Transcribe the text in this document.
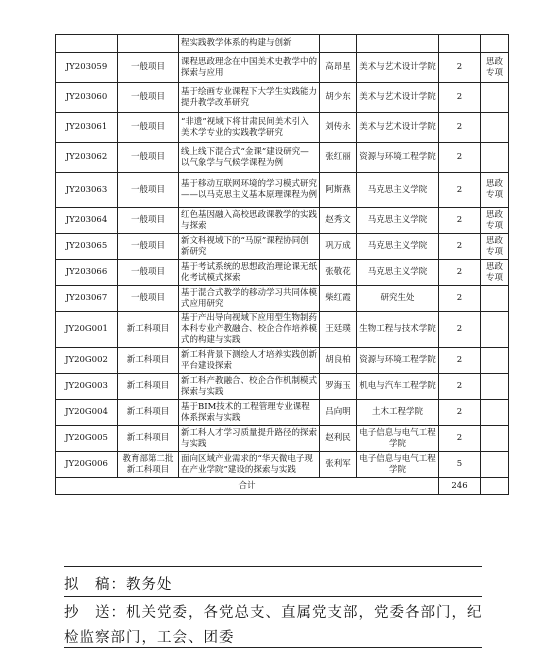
		程实践教学体系的构建与创新				
JY203059	一般项目	课程思政理念在中国美术史教学中的探索与应用	高昂星	美术与艺术设计学院	2	思政专项
JY203060	一般项目	基于绘画专业课程下大学生实践能力提升教学改革研究	胡少东	美术与艺术设计学院	2	
JY203061	一般项目	“非遗”视域下将甘肃民间美术引入美术学专业的实践教学研究	刘传永	美术与艺术设计学院	2	
JY203062	一般项目	线上线下混合式“金课”建设研究—以气象学与气候学课程为例	张红丽	资源与环境工程学院	2	
JY203063	一般项目	基于移动互联网环境的学习模式研究——以马克思主义基本原理课程为例	阿斯燕	马克思主义学院	2	思政专项
JY203064	一般项目	红色基因融入高校思政课教学的实践与探索	赵秀文	马克思主义学院	2	思政专项
JY203065	一般项目	新文科视域下的“马原”课程协同创新研究	巩万成	马克思主义学院	2	思政专项
JY203066	一般项目	基于考试系统的思想政治理论课无纸化考试模式探索	张敬花	马克思主义学院	2	思政专项
JY203067	一般项目	基于混合式教学的移动学习共同体模式应用研究	柴红霞	研究生处	2	
JY20G001	新工科项目	基于产出导向视域下应用型生物制药本科专业产教融合、校企合作培养模式的构建与实践	王廷璞	生物工程与技术学院	2	
JY20G002	新工科项目	新工科背景下测绘人才培养实践创新平台建设探索	胡良柏	资源与环境工程学院	2	
JY20G003	新工科项目	新工科产教融合、校企合作机制模式探索与实践	罗海玉	机电与汽车工程学院	2	
JY20G004	新工科项目	基于BIM技术的工程管理专业课程体系探索与实践	吕向明	土木工程学院	2	
JY20G005	新工科项目	新工科人才学习质量提升路径的探索与实践	赵利民	电子信息与电气工程学院	2	
JY20G006	教育部第二批新工科项目	面向区域产业需求的“华天微电子现在产业学院”建设的探索与实践	张利军	电子信息与电气工程学院	5	
合计					246	
拟　稿：教务处
抄　送：机关党委，各党总支、直属党支部，党委各部门，纪
检监察部门，工会、团委
